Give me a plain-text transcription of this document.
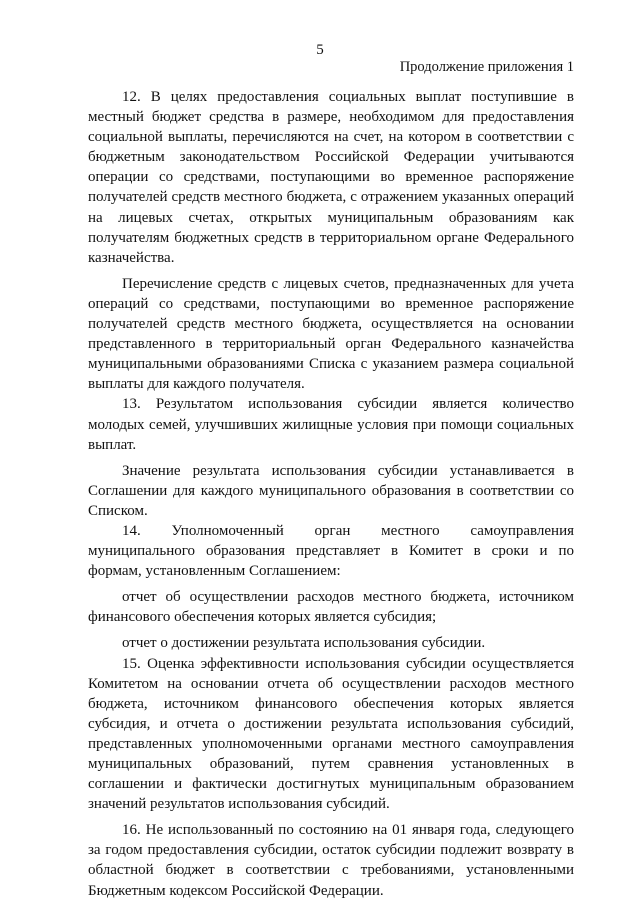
5
Продолжение приложения 1

12. В целях предоставления социальных выплат поступившие в местный бюджет средства в размере, необходимом для предоставления социальной выплаты, перечисляются на счет, на котором в соответствии с бюджетным законодательством Российской Федерации учитываются операции со средствами, поступающими во временное распоряжение получателей средств местного бюджета, с отражением указанных операций на лицевых счетах, открытых муниципальным образованиям как получателям бюджетных средств в территориальном органе Федерального казначейства.

Перечисление средств с лицевых счетов, предназначенных для учета операций со средствами, поступающими во временное распоряжение получателей средств местного бюджета, осуществляется на основании представленного в территориальный орган Федерального казначейства муниципальными образованиями Списка с указанием размера социальной выплаты для каждого получателя.

13. Результатом использования субсидии является количество молодых семей, улучшивших жилищные условия при помощи социальных выплат.

Значение результата использования субсидии устанавливается в Соглашении для каждого муниципального образования в соответствии со Списком.

14. Уполномоченный орган местного самоуправления муниципального образования представляет в Комитет в сроки и по формам, установленным Соглашением:

отчет об осуществлении расходов местного бюджета, источником финансового обеспечения которых является субсидия;

отчет о достижении результата использования субсидии.

15. Оценка эффективности использования субсидии осуществляется Комитетом на основании отчета об осуществлении расходов местного бюджета, источником финансового обеспечения которых является субсидия, и отчета о достижении результата использования субсидий, представленных уполномоченными органами местного самоуправления муниципальных образований, путем сравнения установленных в соглашении и фактически достигнутых муниципальным образованием значений результатов использования субсидий.

16. Не использованный по состоянию на 01 января года, следующего за годом предоставления субсидии, остаток субсидии подлежит возврату в областной бюджет в соответствии с требованиями, установленными Бюджетным кодексом Российской Федерации.
